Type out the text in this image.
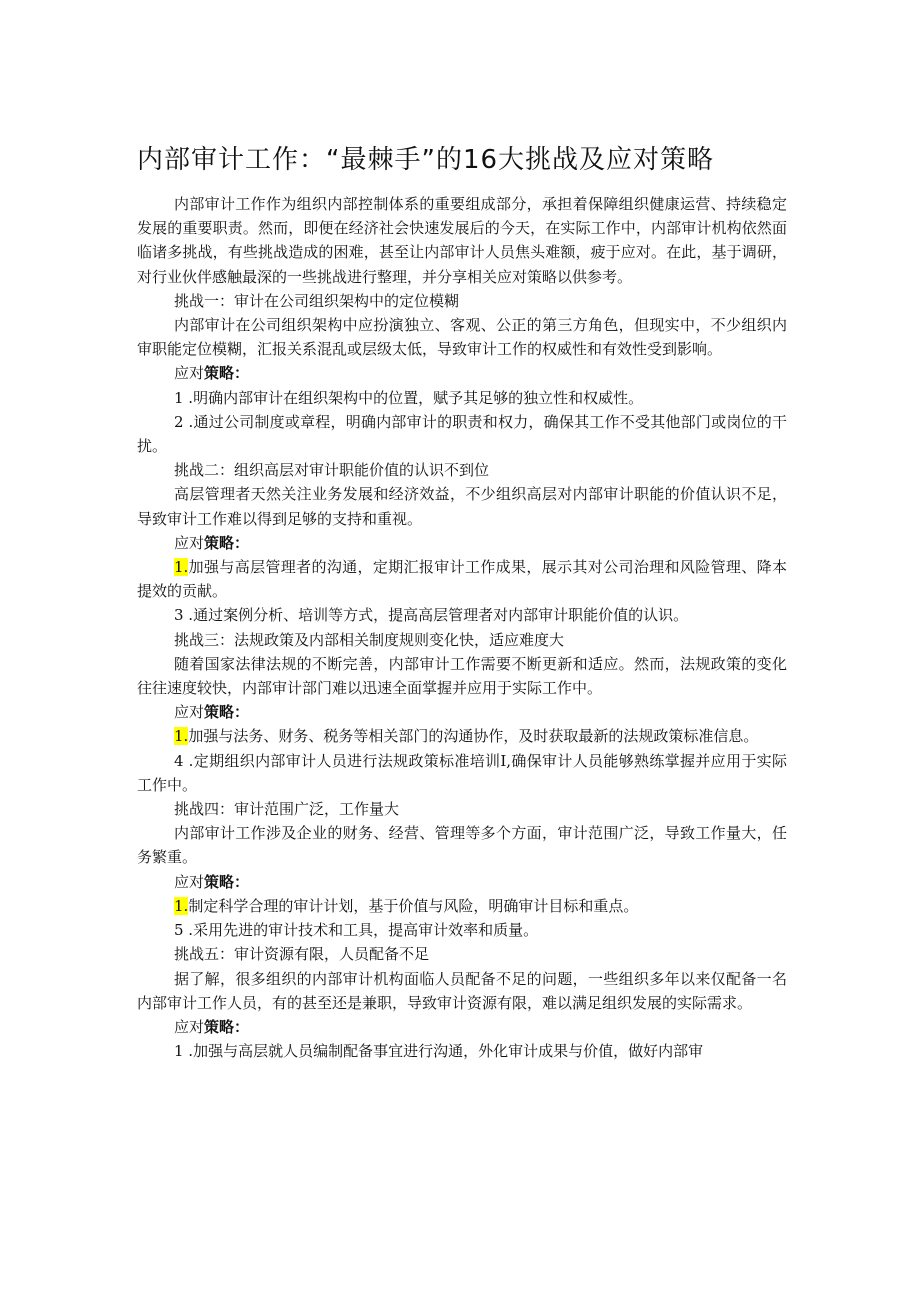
内部审计工作：“最棘手”的16大挑战及应对策略

内部审计工作作为组织内部控制体系的重要组成部分，承担着保障组织健康运营、持续稳定发展的重要职责。然而，即便在经济社会快速发展后的今天，在实际工作中，内部审计机构依然面临诸多挑战，有些挑战造成的困难，甚至让内部审计人员焦头难额，疲于应对。在此，基于调研，对行业伙伴感触最深的一些挑战进行整理，并分享相关应对策略以供参考。

挑战一：审计在公司组织架构中的定位模糊

内部审计在公司组织架构中应扮演独立、客观、公正的第三方角色，但现实中，不少组织内审职能定位模糊，汇报关系混乱或层级太低，导致审计工作的权威性和有效性受到影响。

应对策略：

1 .明确内部审计在组织架构中的位置，赋予其足够的独立性和权威性。

2 .通过公司制度或章程，明确内部审计的职责和权力，确保其工作不受其他部门或岗位的干扰。

挑战二：组织高层对审计职能价值的认识不到位

高层管理者天然关注业务发展和经济效益，不少组织高层对内部审计职能的价值认识不足，导致审计工作难以得到足够的支持和重视。

应对策略：

1.加强与高层管理者的沟通，定期汇报审计工作成果，展示其对公司治理和风险管理、降本提效的贡献。

3 .通过案例分析、培训等方式，提高高层管理者对内部审计职能价值的认识。

挑战三：法规政策及内部相关制度规则变化快，适应难度大

随着国家法律法规的不断完善，内部审计工作需要不断更新和适应。然而，法规政策的变化往往速度较快，内部审计部门难以迅速全面掌握并应用于实际工作中。

应对策略：

1.加强与法务、财务、税务等相关部门的沟通协作，及时获取最新的法规政策标准信息。

4 .定期组织内部审计人员进行法规政策标准培训I,确保审计人员能够熟练掌握并应用于实际工作中。

挑战四：审计范围广泛，工作量大

内部审计工作涉及企业的财务、经营、管理等多个方面，审计范围广泛，导致工作量大，任务繁重。

应对策略：

1.制定科学合理的审计计划，基于价值与风险，明确审计目标和重点。

5 .采用先进的审计技术和工具，提高审计效率和质量。

挑战五：审计资源有限，人员配备不足

据了解，很多组织的内部审计机构面临人员配备不足的问题，一些组织多年以来仅配备一名内部审计工作人员，有的甚至还是兼职，导致审计资源有限，难以满足组织发展的实际需求。

应对策略：

1 .加强与高层就人员编制配备事宜进行沟通，外化审计成果与价值，做好内部审
